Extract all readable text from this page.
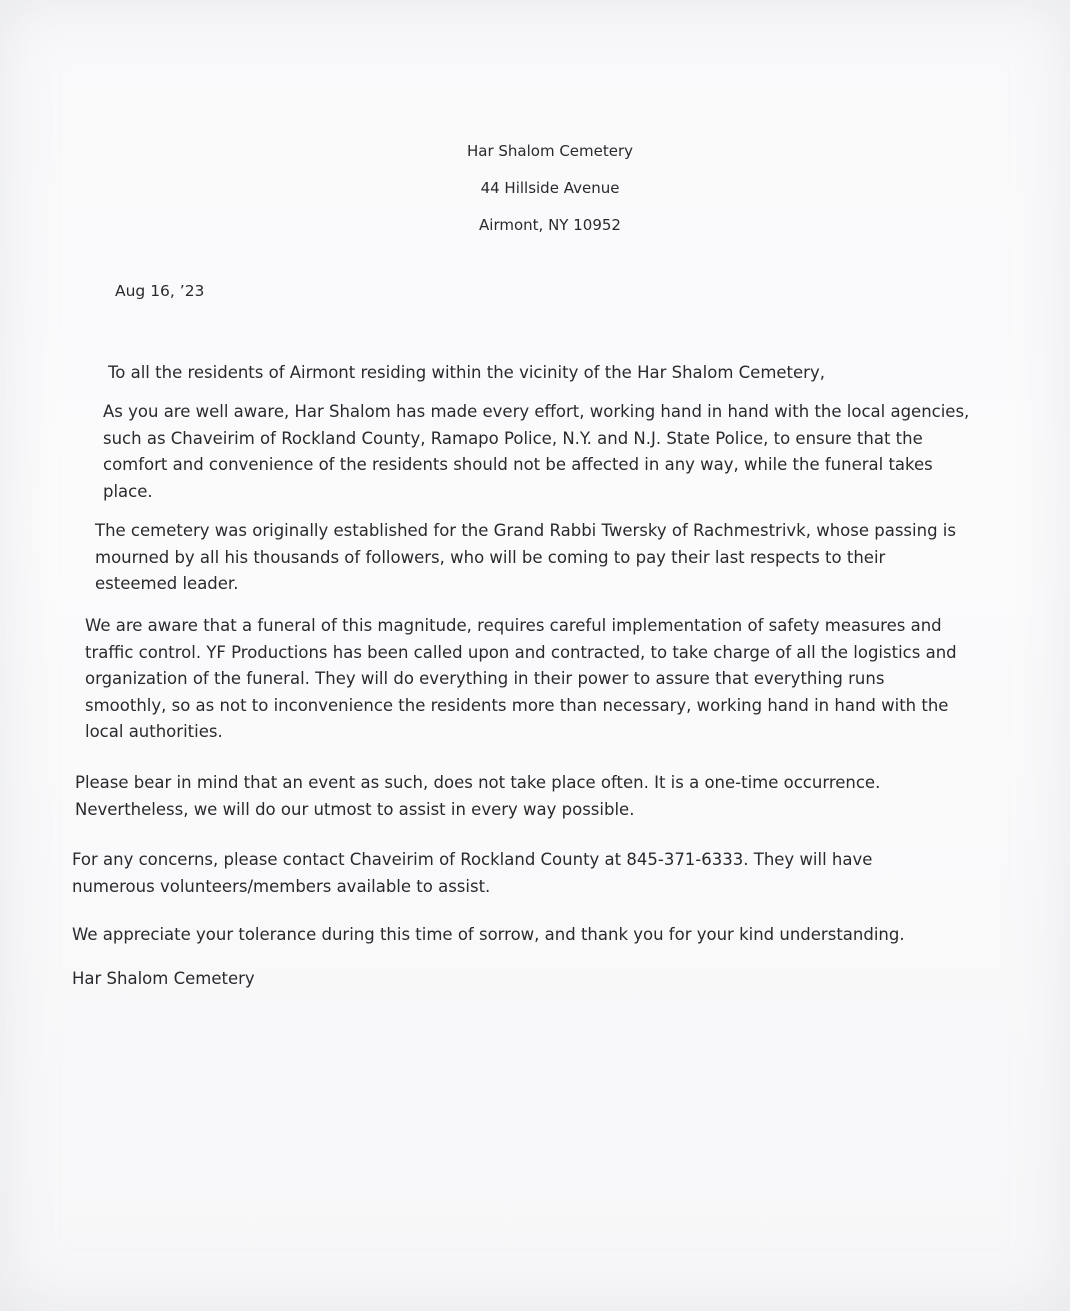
Har Shalom Cemetery
44 Hillside Avenue
Airmont, NY 10952
Aug 16, ’23
To all the residents of Airmont residing within the vicinity of the Har Shalom Cemetery,
As you are well aware, Har Shalom has made every effort, working hand in hand with the local agencies,
such as Chaveirim of Rockland County, Ramapo Police, N.Y. and N.J. State Police, to ensure that the
comfort and convenience of the residents should not be affected in any way, while the funeral takes
place.
The cemetery was originally established for the Grand Rabbi Twersky of Rachmestrivk, whose passing is
mourned by all his thousands of followers, who will be coming to pay their last respects to their
esteemed leader.
We are aware that a funeral of this magnitude, requires careful implementation of safety measures and
traffic control. YF Productions has been called upon and contracted, to take charge of all the logistics and
organization of the funeral. They will do everything in their power to assure that everything runs
smoothly, so as not to inconvenience the residents more than necessary, working hand in hand with the
local authorities.
Please bear in mind that an event as such, does not take place often. It is a one-time occurrence.
Nevertheless, we will do our utmost to assist in every way possible.
For any concerns, please contact Chaveirim of Rockland County at 845-371-6333. They will have
numerous volunteers/members available to assist.
We appreciate your tolerance during this time of sorrow, and thank you for your kind understanding.
Har Shalom Cemetery
